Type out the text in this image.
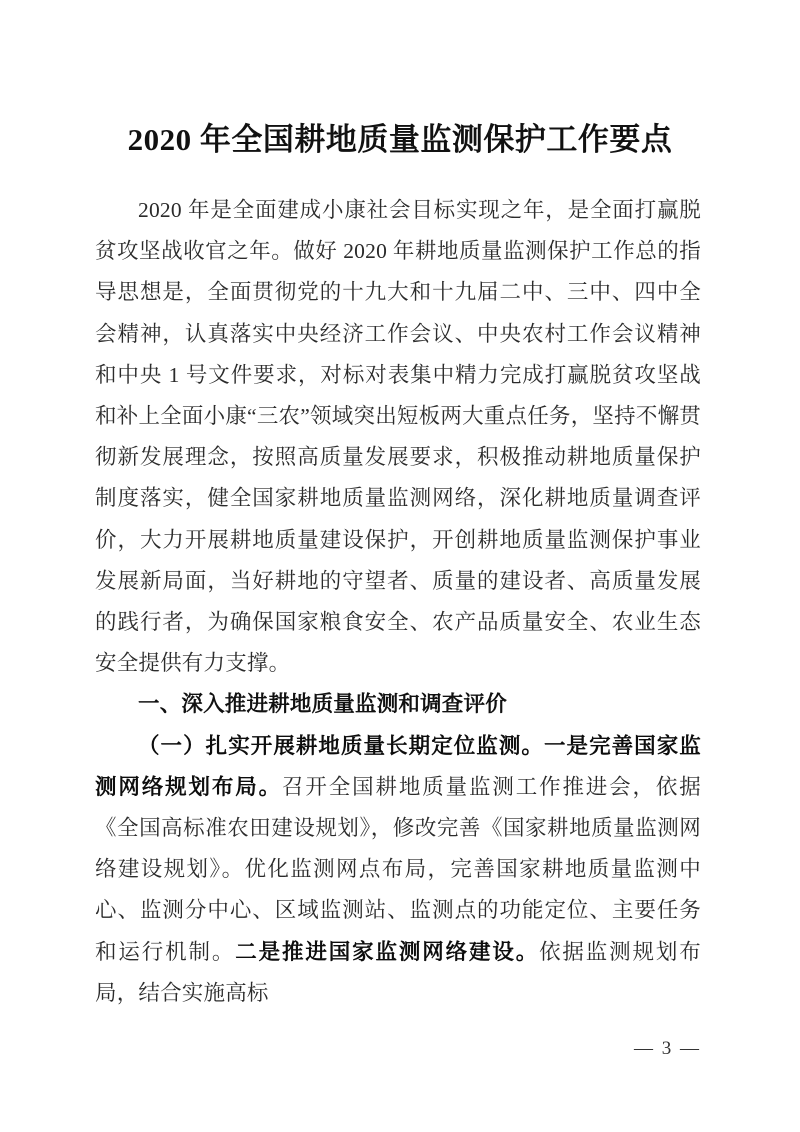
2020 年全国耕地质量监测保护工作要点

2020 年是全面建成小康社会目标实现之年，是全面打赢脱贫攻坚战收官之年。做好 2020 年耕地质量监测保护工作总的指导思想是，全面贯彻党的十九大和十九届二中、三中、四中全会精神，认真落实中央经济工作会议、中央农村工作会议精神和中央 1 号文件要求，对标对表集中精力完成打赢脱贫攻坚战和补上全面小康“三农”领域突出短板两大重点任务，坚持不懈贯彻新发展理念，按照高质量发展要求，积极推动耕地质量保护制度落实，健全国家耕地质量监测网络，深化耕地质量调查评价，大力开展耕地质量建设保护，开创耕地质量监测保护事业发展新局面，当好耕地的守望者、质量的建设者、高质量发展的践行者，为确保国家粮食安全、农产品质量安全、农业生态安全提供有力支撑。

一、深入推进耕地质量监测和调查评价

（一）扎实开展耕地质量长期定位监测。一是完善国家监测网络规划布局。召开全国耕地质量监测工作推进会，依据《全国高标准农田建设规划》，修改完善《国家耕地质量监测网络建设规划》。优化监测网点布局，完善国家耕地质量监测中心、监测分中心、区域监测站、监测点的功能定位、主要任务和运行机制。二是推进国家监测网络建设。依据监测规划布局，结合实施高标

— 3 —
